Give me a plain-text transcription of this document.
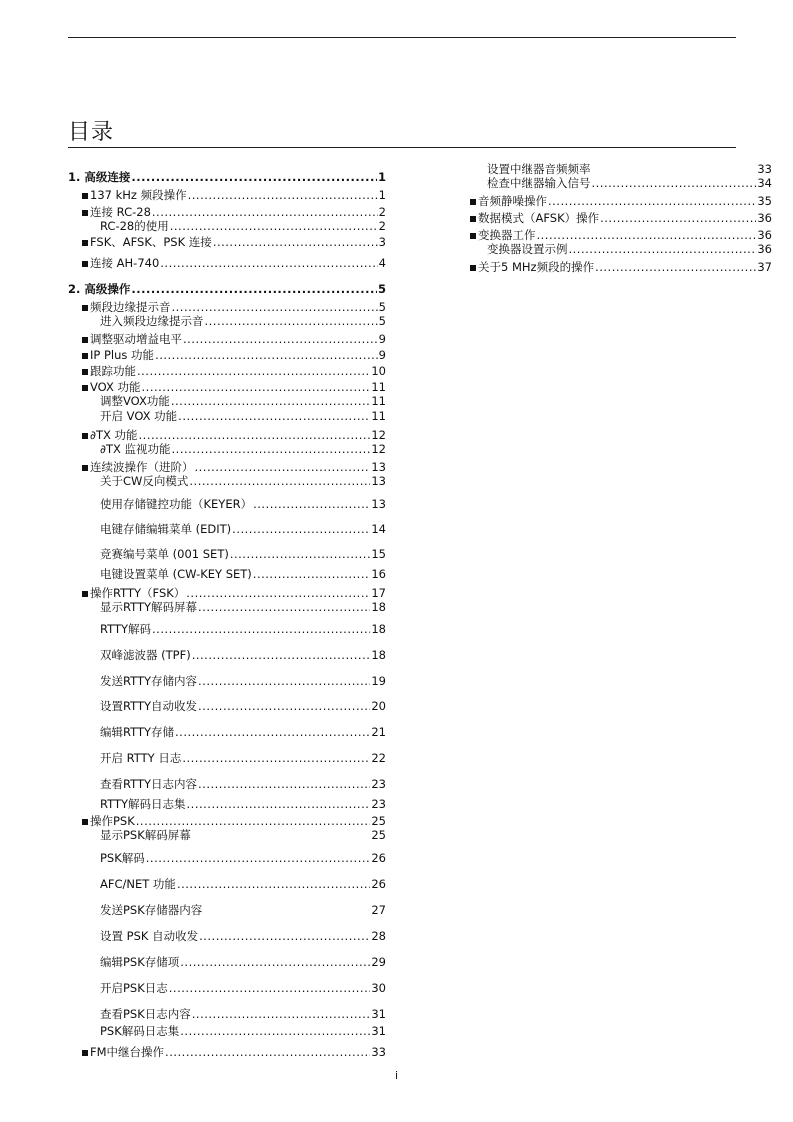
目录
1. 高级连接 .....	1
137 kHz 频段操作 .....	1
连接 RC-28 .....	2
RC-28的使用 .....	2
FSK、AFSK、PSK 连接 .....	3
连接 AH-740 .....	4
2. 高级操作 .....	5
频段边缘提示音 .....	5
进入频段边缘提示音 .....	5
调整驱动增益电平 .....	9
IP Plus 功能 .....	9
跟踪功能 .....	10
VOX 功能 .....	11
调整VOX功能 .....	11
开启 VOX 功能 .....	11
∂TX 功能 .....	12
∂TX 监视功能 .....	12
连续波操作（进阶） .....	13
关于CW反向模式 .....	13
使用存储键控功能（KEYER） .....	13
电键存储编辑菜单 (EDIT) .....	14
竞赛编号菜单 (001 SET) .....	15
电键设置菜单 (CW-KEY SET) .....	16
操作RTTY（FSK） .....	17
显示RTTY解码屏幕 .....	18
RTTY解码 .....	18
双峰滤波器 (TPF) .....	18
发送RTTY存储内容 .....	19
设置RTTY自动收发 .....	20
编辑RTTY存储 .....	21
开启 RTTY 日志 .....	22
查看RTTY日志内容 .....	23
RTTY解码日志集 .....	23
操作PSK .....	25
显示PSK解码屏幕	25
PSK解码 .....	26
AFC/NET 功能 .....	26
发送PSK存储器内容	27
设置 PSK 自动收发 .....	28
编辑PSK存储项 .....	29
开启PSK日志 .....	30
查看PSK日志内容 .....	31
PSK解码日志集 .....	31
FM中继台操作 .....	33
设置中继器音频频率	33
检查中继器输入信号 .....	34
音频静噪操作 .....	35
数据模式（AFSK）操作 .....	36
变换器工作 .....	36
变换器设置示例 .....	36
关于5 MHz频段的操作 .....	37
i
